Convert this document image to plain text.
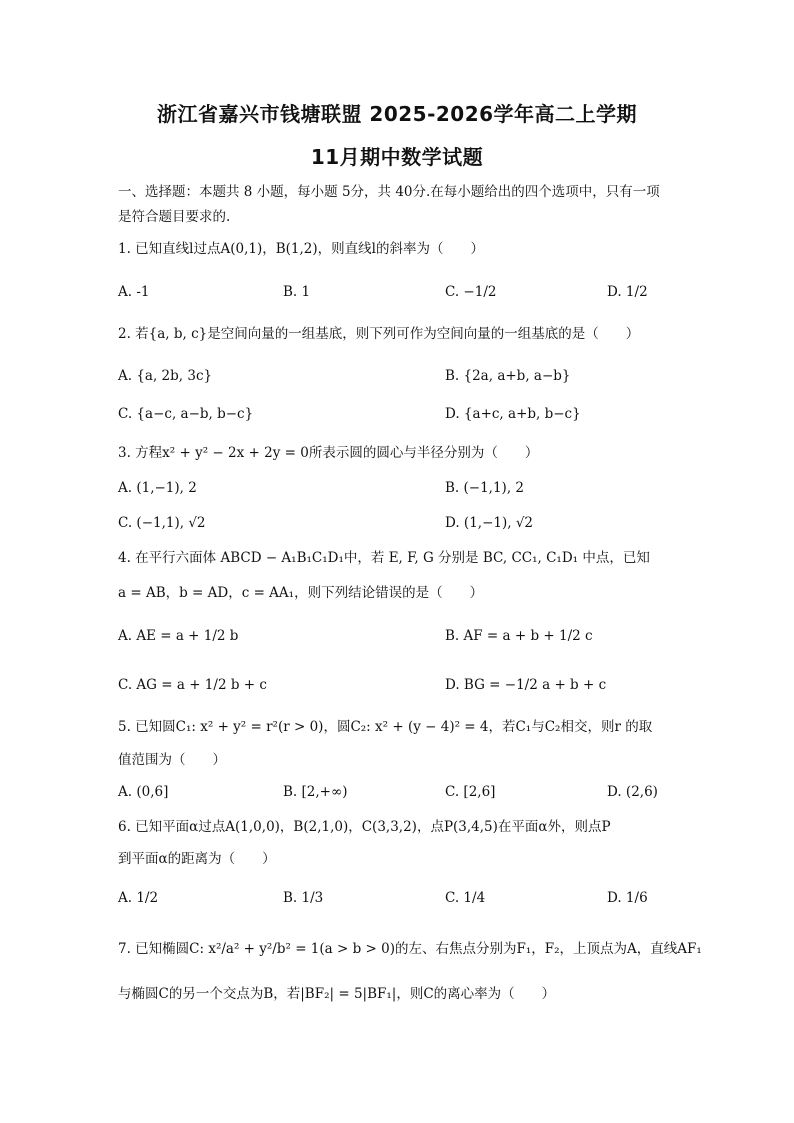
浙江省嘉兴市钱塘联盟 2025-2026学年高二上学期
11月期中数学试题
一、选择题：本题共 8 小题，每小题 5分，共 40分.在每小题给出的四个选项中，只有一项
是符合题目要求的.
1. 已知直线l过点A(0,1)，B(1,2)，则直线l的斜率为（　　）
A. -1	B. 1	C. −1/2	D. 1/2
2. 若{a, b, c}是空间向量的一组基底，则下列可作为空间向量的一组基底的是（　　）
A. {a, 2b, 3c}	B. {2a, a+b, a−b}
C. {a−c, a−b, b−c}	D. {a+c, a+b, b−c}
3. 方程x² + y² − 2x + 2y = 0所表示圆的圆心与半径分别为（　　）
A. (1,−1), 2	B. (−1,1), 2
C. (−1,1), √2	D. (1,−1), √2
4. 在平行六面体 ABCD − A₁B₁C₁D₁中，若 E, F, G 分别是 BC, CC₁, C₁D₁ 中点，已知
a = AB，b = AD，c = AA₁，则下列结论错误的是（　　）
A. AE = a + 1/2 b	B. AF = a + b + 1/2 c
C. AG = a + 1/2 b + c	D. BG = −1/2 a + b + c
5. 已知圆C₁: x² + y² = r²(r > 0)，圆C₂: x² + (y − 4)² = 4，若C₁与C₂相交，则r 的取
值范围为（　　）
A. (0,6]	B. [2,+∞)	C. [2,6]	D. (2,6)
6. 已知平面α过点A(1,0,0)，B(2,1,0)，C(3,3,2)，点P(3,4,5)在平面α外，则点P
到平面α的距离为（　　）
A. 1/2	B. 1/3	C. 1/4	D. 1/6
7. 已知椭圆C: x²/a² + y²/b² = 1(a > b > 0)的左、右焦点分别为F₁，F₂，上顶点为A，直线AF₁
与椭圆C的另一个交点为B，若|BF₂| = 5|BF₁|，则C的离心率为（　　）
